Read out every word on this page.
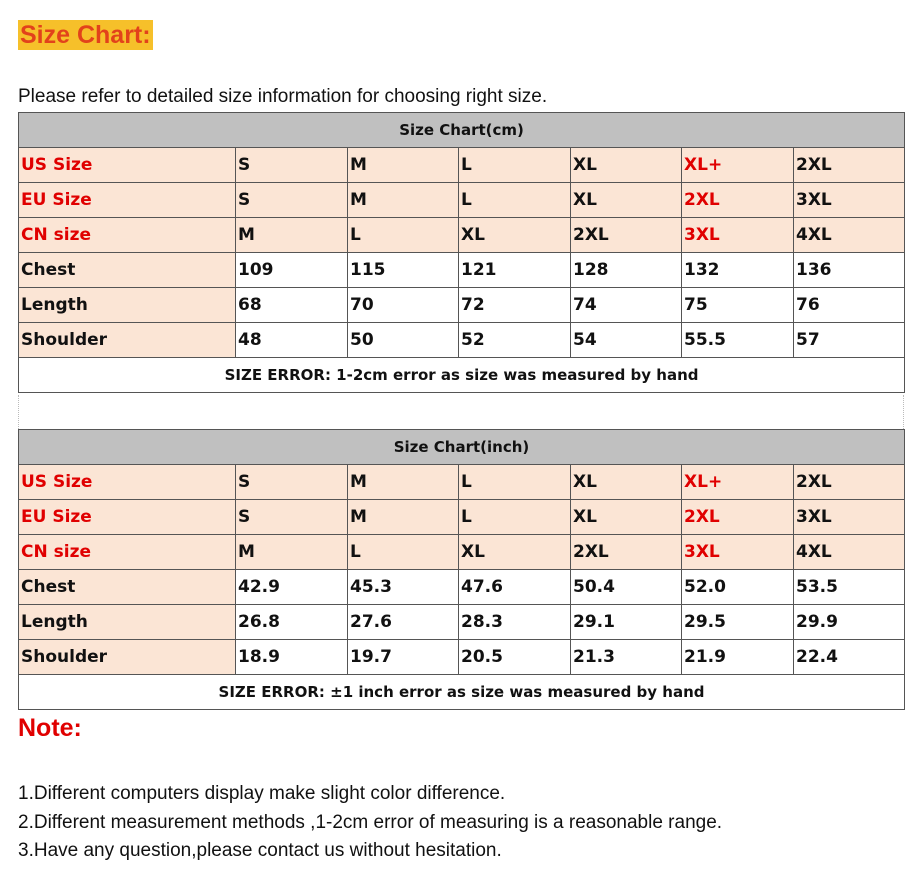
Size Chart:
Please refer to detailed size information for choosing right size.
Size Chart(cm)						
US Size	S	M	L	XL	XL+	2XL
EU Size	S	M	L	XL	2XL	3XL
CN size	M	L	XL	2XL	3XL	4XL
Chest	109	115	121	128	132	136
Length	68	70	72	74	75	76
Shoulder	48	50	52	54	55.5	57
SIZE ERROR: 1-2cm error as size was measured by hand						
Size Chart(inch)						
US Size	S	M	L	XL	XL+	2XL
EU Size	S	M	L	XL	2XL	3XL
CN size	M	L	XL	2XL	3XL	4XL
Chest	42.9	45.3	47.6	50.4	52.0	53.5
Length	26.8	27.6	28.3	29.1	29.5	29.9
Shoulder	18.9	19.7	20.5	21.3	21.9	22.4
SIZE ERROR: ±1 inch error as size was measured by hand						
Note:
1.Different computers display make slight color difference.
2.Different measurement methods ,1-2cm error of measuring is a reasonable range.
3.Have any question,please contact us without hesitation.
